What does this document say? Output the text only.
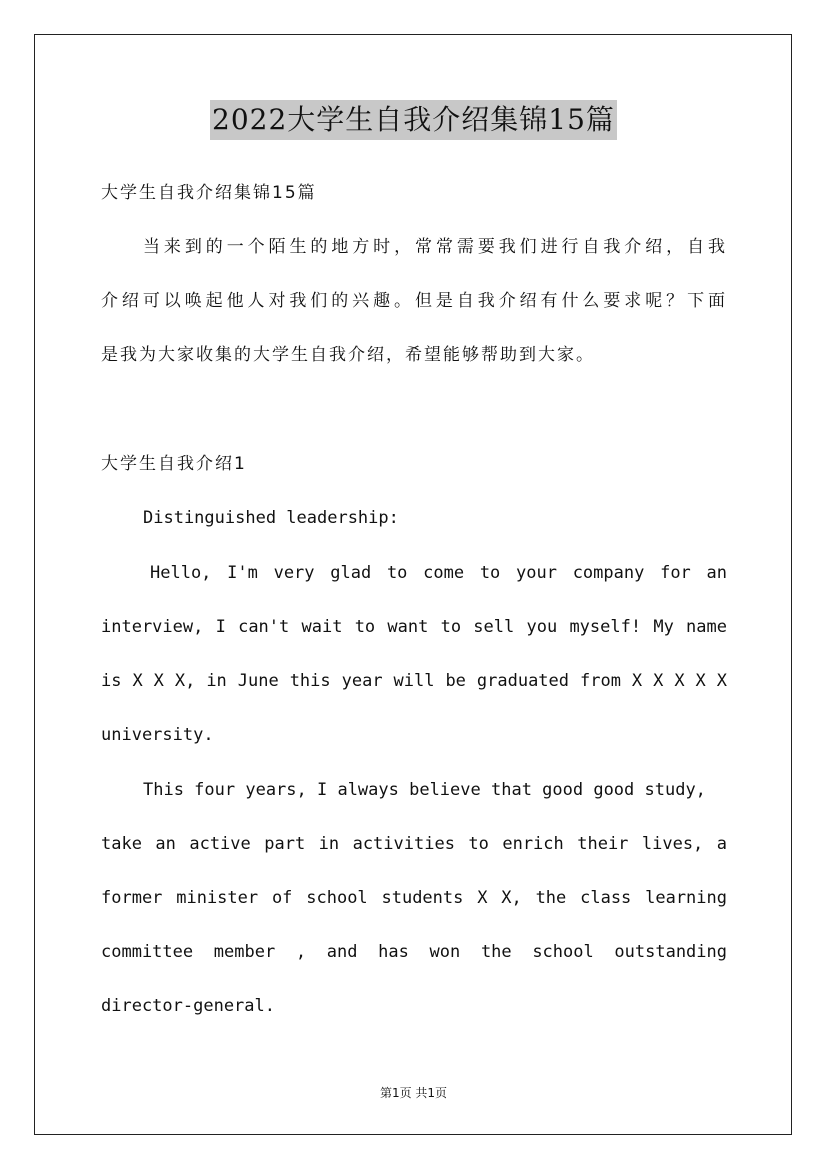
2022大学生自我介绍集锦15篇
大学生自我介绍集锦15篇
当来到的一个陌生的地方时，常常需要我们进行自我介绍，自我
介绍可以唤起他人对我们的兴趣。但是自我介绍有什么要求呢？下面
是我为大家收集的大学生自我介绍，希望能够帮助到大家。
大学生自我介绍1
Distinguished leadership:
Hello, I'm very glad to come to your company for an
interview, I can't wait to want to sell you myself! My name
is X X X, in June this year will be graduated from X X X X X
university.
This four years, I always believe that good good study,
take an active part in activities to enrich their lives, a
former minister of school students X X, the class learning
committee member , and has won the school outstanding
director-general.
第1页 共1页
